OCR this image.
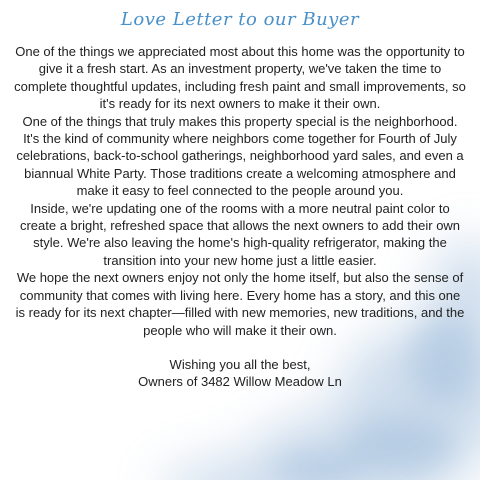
Love Letter to our Buyer

One of the things we appreciated most about this home was the opportunity to give it a fresh start. As an investment property, we've taken the time to complete thoughtful updates, including fresh paint and small improvements, so it's ready for its next owners to make it their own.

One of the things that truly makes this property special is the neighborhood. It's the kind of community where neighbors come together for Fourth of July celebrations, back-to-school gatherings, neighborhood yard sales, and even a biannual White Party. Those traditions create a welcoming atmosphere and make it easy to feel connected to the people around you.

Inside, we're updating one of the rooms with a more neutral paint color to create a bright, refreshed space that allows the next owners to add their own style. We're also leaving the home's high-quality refrigerator, making the transition into your new home just a little easier.

We hope the next owners enjoy not only the home itself, but also the sense of community that comes with living here. Every home has a story, and this one is ready for its next chapter—filled with new memories, new traditions, and the people who will make it their own.

Wishing you all the best,

Owners of 3482 Willow Meadow Ln
